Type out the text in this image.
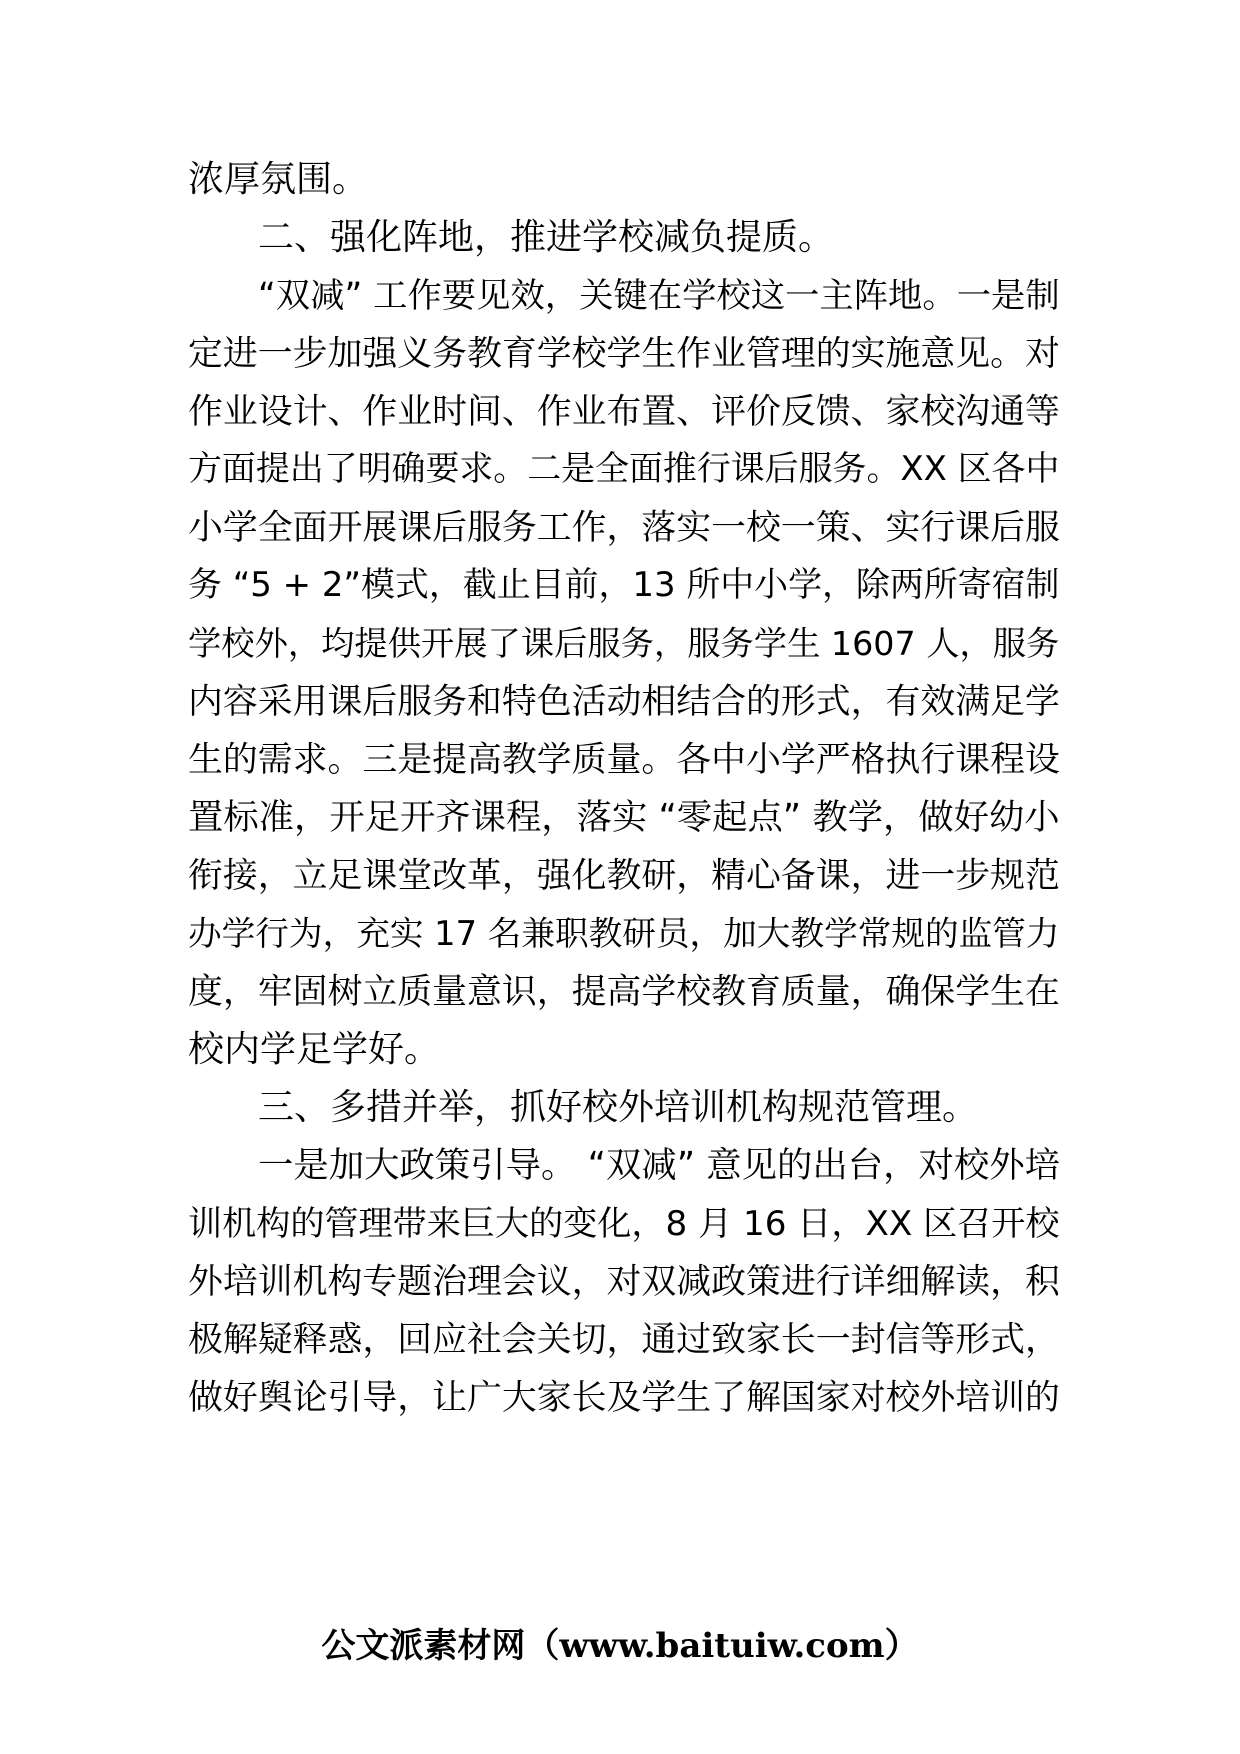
浓厚氛围。
二、强化阵地，推进学校减负提质。
“双减” 工作要见效，关键在学校这一主阵地。一是制
定进一步加强义务教育学校学生作业管理的实施意见。对
作业设计、作业时间、作业布置、评价反馈、家校沟通等
方面提出了明确要求。二是全面推行课后服务。XX 区各中
小学全面开展课后服务工作，落实一校一策、实行课后服
务 “5 + 2”模式，截止目前，13 所中小学，除两所寄宿制
学校外，均提供开展了课后服务，服务学生 1607 人，服务
内容采用课后服务和特色活动相结合的形式，有效满足学
生的需求。三是提高教学质量。各中小学严格执行课程设
置标准，开足开齐课程，落实 “零起点” 教学，做好幼小
衔接，立足课堂改革，强化教研，精心备课，进一步规范
办学行为，充实 17 名兼职教研员，加大教学常规的监管力
度，牢固树立质量意识，提高学校教育质量，确保学生在
校内学足学好。
三、多措并举，抓好校外培训机构规范管理。
一是加大政策引导。 “双减” 意见的出台，对校外培
训机构的管理带来巨大的变化，8 月 16 日，XX 区召开校
外培训机构专题治理会议，对双减政策进行详细解读，积
极解疑释惑，回应社会关切，通过致家长一封信等形式，
做好舆论引导，让广大家长及学生了解国家对校外培训的
公文派素材网（www.baituiw.com）
